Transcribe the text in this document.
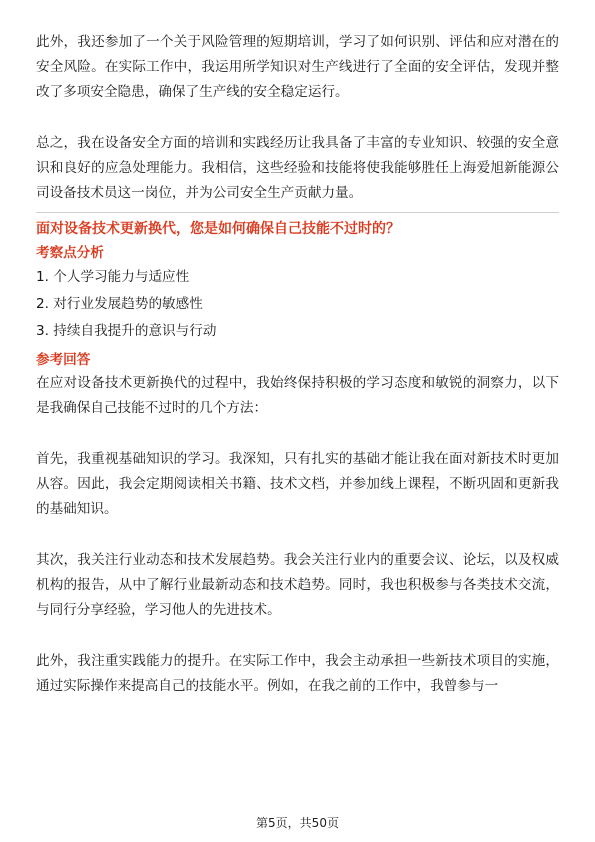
此外，我还参加了一个关于风险管理的短期培训，学习了如何识别、评估和应对潜在的安全风险。在实际工作中，我运用所学知识对生产线进行了全面的安全评估，发现并整改了多项安全隐患，确保了生产线的安全稳定运行。

总之，我在设备安全方面的培训和实践经历让我具备了丰富的专业知识、较强的安全意识和良好的应急处理能力。我相信，这些经验和技能将使我能够胜任上海爱旭新能源公司设备技术员这一岗位，并为公司安全生产贡献力量。

面对设备技术更新换代，您是如何确保自己技能不过时的？

考察点分析

1. 个人学习能力与适应性

2. 对行业发展趋势的敏感性

3. 持续自我提升的意识与行动

参考回答

在应对设备技术更新换代的过程中，我始终保持积极的学习态度和敏锐的洞察力，以下是我确保自己技能不过时的几个方法：

首先，我重视基础知识的学习。我深知，只有扎实的基础才能让我在面对新技术时更加从容。因此，我会定期阅读相关书籍、技术文档，并参加线上课程，不断巩固和更新我的基础知识。

其次，我关注行业动态和技术发展趋势。我会关注行业内的重要会议、论坛，以及权威机构的报告，从中了解行业最新动态和技术趋势。同时，我也积极参与各类技术交流，与同行分享经验，学习他人的先进技术。

此外，我注重实践能力的提升。在实际工作中，我会主动承担一些新技术项目的实施，通过实际操作来提高自己的技能水平。例如，在我之前的工作中，我曾参与一

第5页，共50页
